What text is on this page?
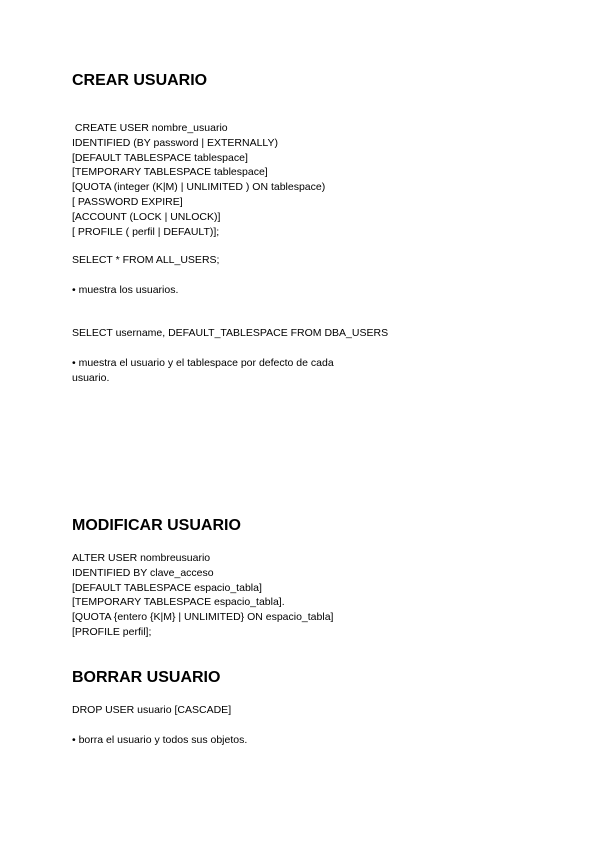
CREAR USUARIO
CREATE USER nombre_usuario
IDENTIFIED (BY password | EXTERNALLY)
[DEFAULT TABLESPACE tablespace]
[TEMPORARY TABLESPACE tablespace]
[QUOTA (integer (K|M) | UNLIMITED ) ON tablespace)
[ PASSWORD EXPIRE]
[ACCOUNT (LOCK | UNLOCK)]
[ PROFILE ( perfil | DEFAULT)];

SELECT * FROM ALL_USERS;

• muestra los usuarios.

SELECT username, DEFAULT_TABLESPACE FROM DBA_USERS

• muestra el usuario y el tablespace por defecto de cada
usuario.
MODIFICAR USUARIO
ALTER USER nombreusuario
IDENTIFIED BY clave_acceso
[DEFAULT TABLESPACE espacio_tabla]
[TEMPORARY TABLESPACE espacio_tabla].
[QUOTA {entero {K|M} | UNLIMITED} ON espacio_tabla]
[PROFILE perfil];
BORRAR USUARIO

DROP USER usuario [CASCADE]

• borra el usuario y todos sus objetos.
